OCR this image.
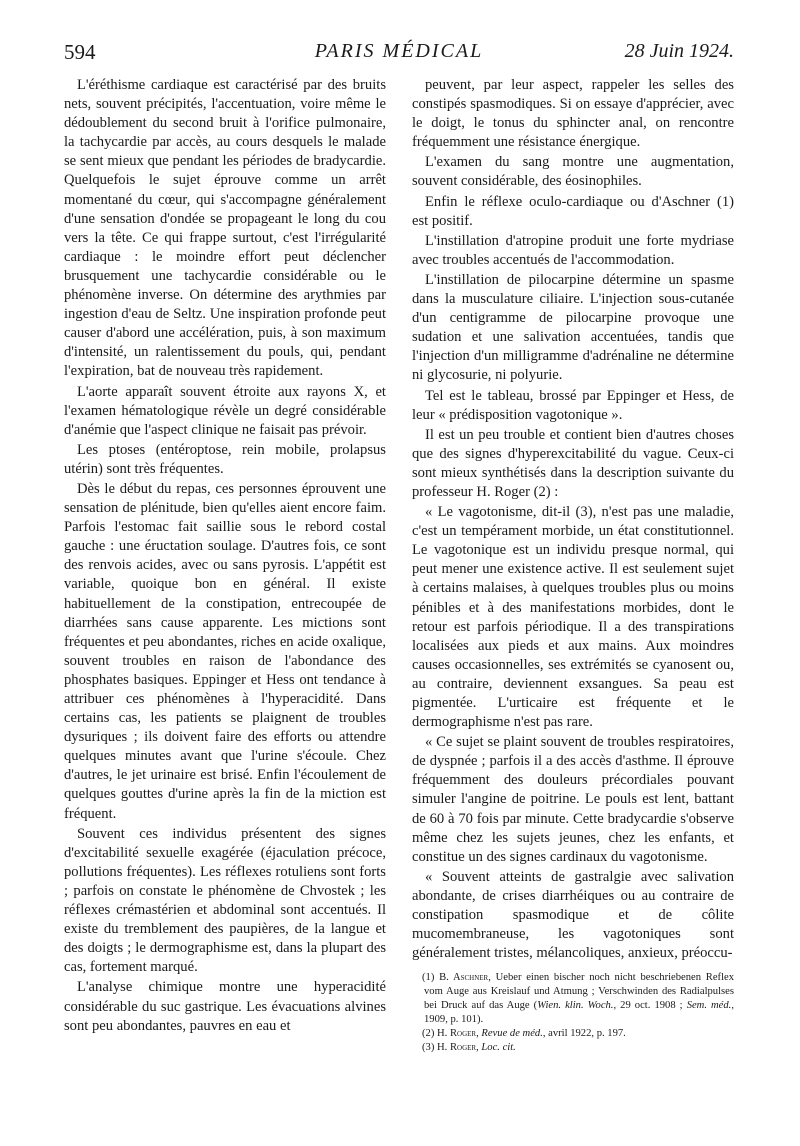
594	PARIS MÉDICAL	28 Juin 1924.

L'éréthisme cardiaque est caractérisé par des bruits nets, souvent précipités, l'accentuation, voire même le dédoublement du second bruit à l'orifice pulmonaire, la tachycardie par accès, au cours desquels le malade se sent mieux que pendant les périodes de bradycardie. Quelquefois le sujet éprouve comme un arrêt momentané du cœur, qui s'accompagne généralement d'une sensation d'ondée se propageant le long du cou vers la tête. Ce qui frappe surtout, c'est l'irrégularité cardiaque : le moindre effort peut déclencher brusquement une tachycardie considérable ou le phénomène inverse. On détermine des arythmies par ingestion d'eau de Seltz. Une inspiration profonde peut causer d'abord une accélération, puis, à son maximum d'intensité, un ralentissement du pouls, qui, pendant l'expiration, bat de nouveau très rapidement.

L'aorte apparaît souvent étroite aux rayons X, et l'examen hématologique révèle un degré considérable d'anémie que l'aspect clinique ne faisait pas prévoir.

Les ptoses (entéroptose, rein mobile, prolapsus utérin) sont très fréquentes.

Dès le début du repas, ces personnes éprouvent une sensation de plénitude, bien qu'elles aient encore faim. Parfois l'estomac fait saillie sous le rebord costal gauche : une éructation soulage. D'autres fois, ce sont des renvois acides, avec ou sans pyrosis. L'appétit est variable, quoique bon en général. Il existe habituellement de la constipation, entrecoupée de diarrhées sans cause apparente. Les mictions sont fréquentes et peu abondantes, riches en acide oxalique, souvent troubles en raison de l'abondance des phosphates basiques. Eppinger et Hess ont tendance à attribuer ces phénomènes à l'hyperacidité. Dans certains cas, les patients se plaignent de troubles dysuriques ; ils doivent faire des efforts ou attendre quelques minutes avant que l'urine s'écoule. Chez d'autres, le jet urinaire est brisé. Enfin l'écoulement de quelques gouttes d'urine après la fin de la miction est fréquent.

Souvent ces individus présentent des signes d'excitabilité sexuelle exagérée (éjaculation précoce, pollutions fréquentes). Les réflexes rotuliens sont forts ; parfois on constate le phénomène de Chvostek ; les réflexes crémastérien et abdominal sont accentués. Il existe du tremblement des paupières, de la langue et des doigts ; le dermographisme est, dans la plupart des cas, fortement marqué.

L'analyse chimique montre une hyperacidité considérable du suc gastrique. Les évacuations alvines sont peu abondantes, pauvres en eau et

peuvent, par leur aspect, rappeler les selles des constipés spasmodiques. Si on essaye d'apprécier, avec le doigt, le tonus du sphincter anal, on rencontre fréquemment une résistance énergique.

L'examen du sang montre une augmentation, souvent considérable, des éosinophiles.

Enfin le réflexe oculo-cardiaque ou d'Aschner (1) est positif.

L'instillation d'atropine produit une forte mydriase avec troubles accentués de l'accommodation.

L'instillation de pilocarpine détermine un spasme dans la musculature ciliaire. L'injection sous-cutanée d'un centigramme de pilocarpine provoque une sudation et une salivation accentuées, tandis que l'injection d'un milligramme d'adrénaline ne détermine ni glycosurie, ni polyurie.

Tel est le tableau, brossé par Eppinger et Hess, de leur « prédisposition vagotonique ».

Il est un peu trouble et contient bien d'autres choses que des signes d'hyperexcitabilité du vague. Ceux-ci sont mieux synthétisés dans la description suivante du professeur H. Roger (2) :

« Le vagotonisme, dit-il (3), n'est pas une maladie, c'est un tempérament morbide, un état constitutionnel. Le vagotonique est un individu presque normal, qui peut mener une existence active. Il est seulement sujet à certains malaises, à quelques troubles plus ou moins pénibles et à des manifestations morbides, dont le retour est parfois périodique. Il a des transpirations localisées aux pieds et aux mains. Aux moindres causes occasionnelles, ses extrémités se cyanosent ou, au contraire, deviennent exsangues. Sa peau est pigmentée. L'urticaire est fréquente et le dermographisme n'est pas rare.

« Ce sujet se plaint souvent de troubles respiratoires, de dyspnée ; parfois il a des accès d'asthme. Il éprouve fréquemment des douleurs précordiales pouvant simuler l'angine de poitrine. Le pouls est lent, battant de 60 à 70 fois par minute. Cette bradycardie s'observe même chez les sujets jeunes, chez les enfants, et constitue un des signes cardinaux du vagotonisme.

« Souvent atteints de gastralgie avec salivation abondante, de crises diarrhéiques ou au contraire de constipation spasmodique et de côlite mucomembraneuse, les vagotoniques sont généralement tristes, mélancoliques, anxieux, préoccu-

(1) B. Aschner, Ueber einen bischer noch nicht beschriebenen Reflex vom Auge aus Kreislauf und Atmung ; Verschwinden des Radialpulses bei Druck auf das Auge (Wien. klin. Woch., 29 oct. 1908 ; Sem. méd., 1909, p. 101).

(2) H. Roger, Revue de méd., avril 1922, p. 197.

(3) H. Roger, Loc. cit.
